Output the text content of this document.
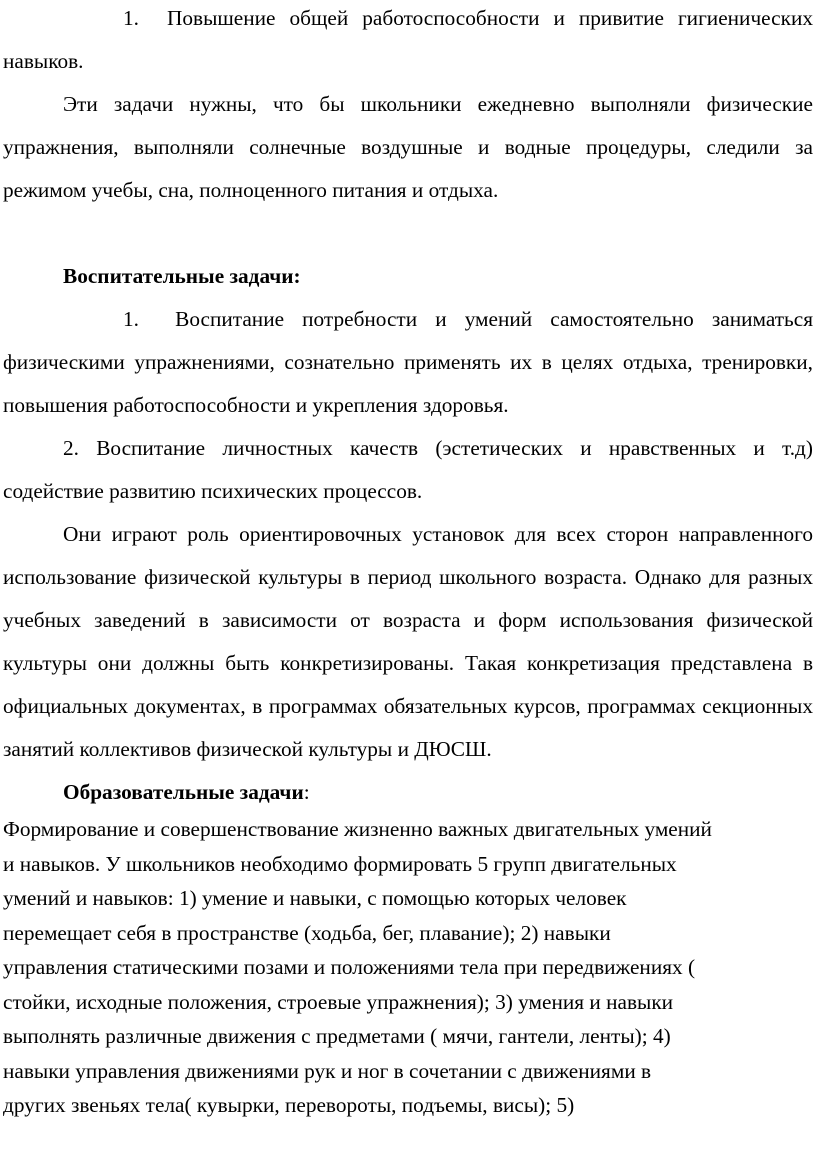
1. Повышение общей работоспособности и привитие гигиенических навыков.

Эти задачи нужны, что бы школьники ежедневно выполняли физические упражнения, выполняли солнечные воздушные и водные процедуры, следили за режимом учебы, сна, полноценного питания и отдыха.

Воспитательные задачи:

1. Воспитание потребности и умений самостоятельно заниматься физическими упражнениями, сознательно применять их в целях отдыха, тренировки, повышения работоспособности и укрепления здоровья.

2. Воспитание личностных качеств (эстетических и нравственных и т.д) содействие развитию психических процессов.

Они играют роль ориентировочных установок для всех сторон направленного использование физической культуры в период школьного возраста. Однако для разных учебных заведений в зависимости от возраста и форм использования физической культуры они должны быть конкретизированы. Такая конкретизация представлена в официальных документах, в программах обязательных курсов, программах секционных занятий коллективов физической культуры и ДЮСШ.

Образовательные задачи:

Формирование и совершенствование жизненно важных двигательных умений

и навыков. У школьников необходимо формировать 5 групп двигательных

умений и навыков: 1) умение и навыки, с помощью которых человек

перемещает себя в пространстве (ходьба, бег, плавание); 2) навыки

управления статическими позами и положениями тела при передвижениях (

стойки, исходные положения, строевые упражнения); 3) умения и навыки

выполнять различные движения с предметами ( мячи, гантели, ленты); 4)

навыки управления движениями рук и ног в сочетании с движениями в

других звеньях тела( кувырки, перевороты, подъемы, висы); 5)
